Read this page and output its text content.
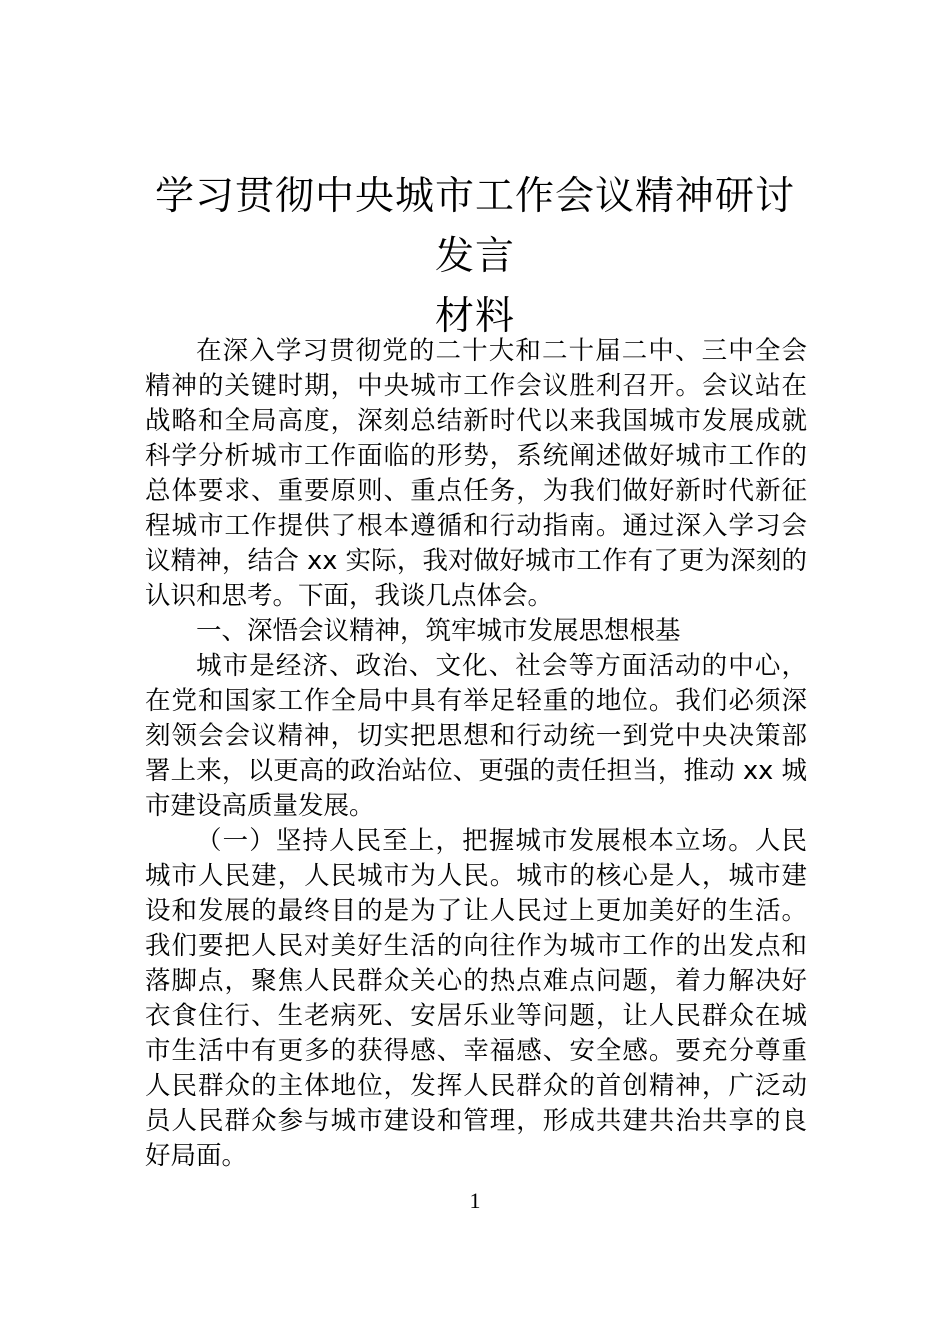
学习贯彻中央城市工作会议精神研讨发言
材料

在深入学习贯彻党的二十大和二十届二中、三中全会精神的关键时期，中央城市工作会议胜利召开。会议站在战略和全局高度，深刻总结新时代以来我国城市发展成就科学分析城市工作面临的形势，系统阐述做好城市工作的总体要求、重要原则、重点任务，为我们做好新时代新征程城市工作提供了根本遵循和行动指南。通过深入学习会议精神，结合 xx 实际，我对做好城市工作有了更为深刻的认识和思考。下面，我谈几点体会。

一、深悟会议精神，筑牢城市发展思想根基

城市是经济、政治、文化、社会等方面活动的中心，在党和国家工作全局中具有举足轻重的地位。我们必须深刻领会会议精神，切实把思想和行动统一到党中央决策部署上来，以更高的政治站位、更强的责任担当，推动 xx 城市建设高质量发展。

（一）坚持人民至上，把握城市发展根本立场。人民城市人民建，人民城市为人民。城市的核心是人，城市建设和发展的最终目的是为了让人民过上更加美好的生活。我们要把人民对美好生活的向往作为城市工作的出发点和落脚点，聚焦人民群众关心的热点难点问题，着力解决好衣食住行、生老病死、安居乐业等问题，让人民群众在城市生活中有更多的获得感、幸福感、安全感。要充分尊重人民群众的主体地位，发挥人民群众的首创精神，广泛动员人民群众参与城市建设和管理，形成共建共治共享的良好局面。

1
